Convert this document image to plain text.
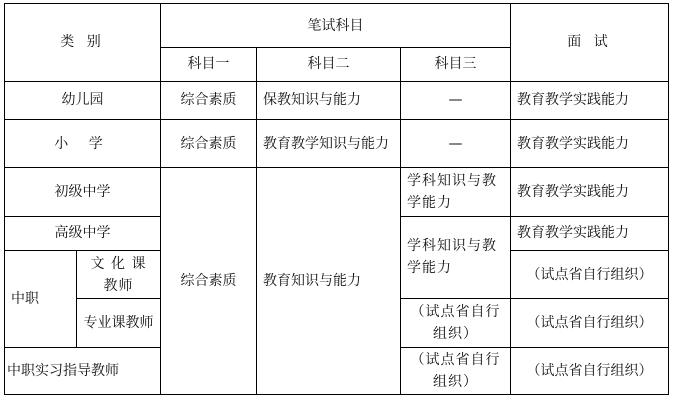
类 别		笔试科目			面 试
		科目一	科目二	科目三	
幼儿园		综合素质	保教知识与能力	—	教育教学实践能力
小 学		综合素质	教育教学知识与能力	—	教育教学实践能力
初级中学		综合素质	教育知识与能力	学科知识与教学能力	教育教学实践能力
高级中学				学科知识与教学能力	教育教学实践能力
中职	文 化 课 教师				（试点省自行组织）
	专业课教师			（试点省自行组织）	（试点省自行组织）
中职实习指导教师				（试点省自行组织）	（试点省自行组织）
